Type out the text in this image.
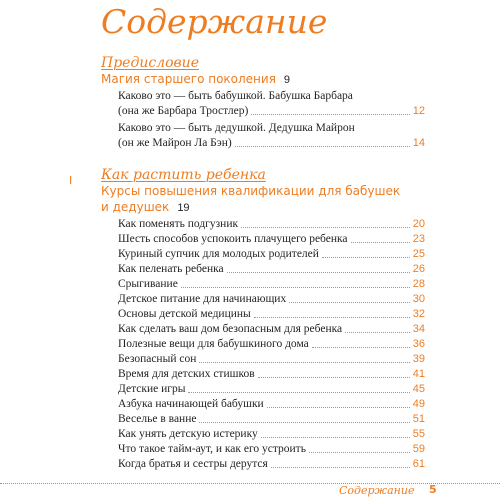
Содержание
Предисловие
Магия старшего поколения 9
Каково это — быть бабушкой. Бабушка Барбара
(она же Барбара Тростлер)	12
Каково это — быть дедушкой. Дедушка Майрон
(он же Майрон Ла Бэн)	14
I Как растить ребенка
Курсы повышения квалификации для бабушек
и дедушек 19
Как поменять подгузник	20
Шесть способов успокоить плачущего ребенка	23
Куриный супчик для молодых родителей	25
Как пеленать ребенка	26
Срыгивание	28
Детское питание для начинающих	30
Основы детской медицины	32
Как сделать ваш дом безопасным для ребенка	34
Полезные вещи для бабушкиного дома	36
Безопасный сон	39
Время для детских стишков	41
Детские игры	45
Азбука начинающей бабушки	49
Веселье в ванне	51
Как унять детскую истерику	55
Что такое тайм-аут, и как его устроить	59
Когда братья и сестры дерутся	61
Содержание 5
